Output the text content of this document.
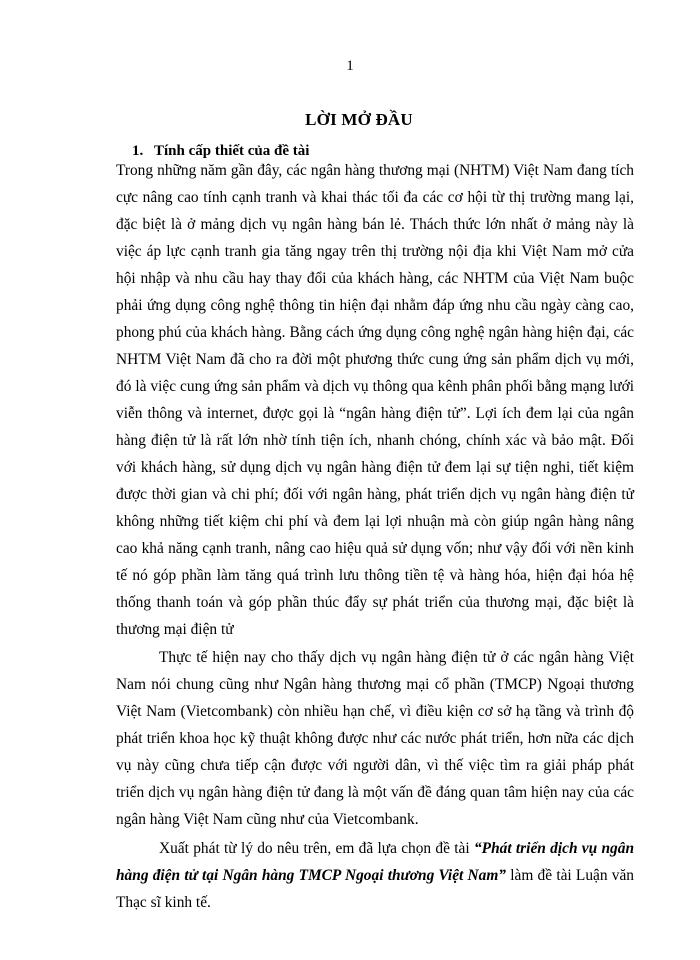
1
LỜI MỞ ĐẦU
1. Tính cấp thiết của đề tài

Trong những năm gần đây, các ngân hàng thương mại (NHTM) Việt Nam đang tích cực nâng cao tính cạnh tranh và khai thác tối đa các cơ hội từ thị trường mang lại, đặc biệt là ở mảng dịch vụ ngân hàng bán lẻ. Thách thức lớn nhất ở mảng này là việc áp lực cạnh tranh gia tăng ngay trên thị trường nội địa khi Việt Nam mở cửa hội nhập và nhu cầu hay thay đổi của khách hàng, các NHTM của Việt Nam buộc phải ứng dụng công nghệ thông tin hiện đại nhằm đáp ứng nhu cầu ngày càng cao, phong phú của khách hàng. Bằng cách ứng dụng công nghệ ngân hàng hiện đại, các NHTM Việt Nam đã cho ra đời một phương thức cung ứng sản phẩm dịch vụ mới, đó là việc cung ứng sản phẩm và dịch vụ thông qua kênh phân phối bằng mạng lưới viễn thông và internet, được gọi là “ngân hàng điện tử”. Lợi ích đem lại của ngân hàng điện tử là rất lớn nhờ tính tiện ích, nhanh chóng, chính xác và bảo mật. Đối với khách hàng, sử dụng dịch vụ ngân hàng điện tử đem lại sự tiện nghi, tiết kiệm được thời gian và chi phí; đối với ngân hàng, phát triển dịch vụ ngân hàng điện tử không những tiết kiệm chi phí và đem lại lợi nhuận mà còn giúp ngân hàng nâng cao khả năng cạnh tranh, nâng cao hiệu quả sử dụng vốn; như vậy đối với nền kinh tế nó góp phần làm tăng quá trình lưu thông tiền tệ và hàng hóa, hiện đại hóa hệ thống thanh toán và góp phần thúc đẩy sự phát triển của thương mại, đặc biệt là thương mại điện tử

Thực tế hiện nay cho thấy dịch vụ ngân hàng điện tử ở các ngân hàng Việt Nam nói chung cũng như Ngân hàng thương mại cổ phần (TMCP) Ngoại thương Việt Nam (Vietcombank) còn nhiều hạn chế, vì điều kiện cơ sở hạ tầng và trình độ phát triển khoa học kỹ thuật không được như các nước phát triển, hơn nữa các dịch vụ này cũng chưa tiếp cận được với người dân, vì thế việc tìm ra giải pháp phát triển dịch vụ ngân hàng điện tử đang là một vấn đề đáng quan tâm hiện nay của các ngân hàng Việt Nam cũng như của Vietcombank.

Xuất phát từ lý do nêu trên, em đã lựa chọn đề tài “Phát triển dịch vụ ngân hàng điện tử tại Ngân hàng TMCP Ngoại thương Việt Nam” làm đề tài Luận văn Thạc sĩ kinh tế.
